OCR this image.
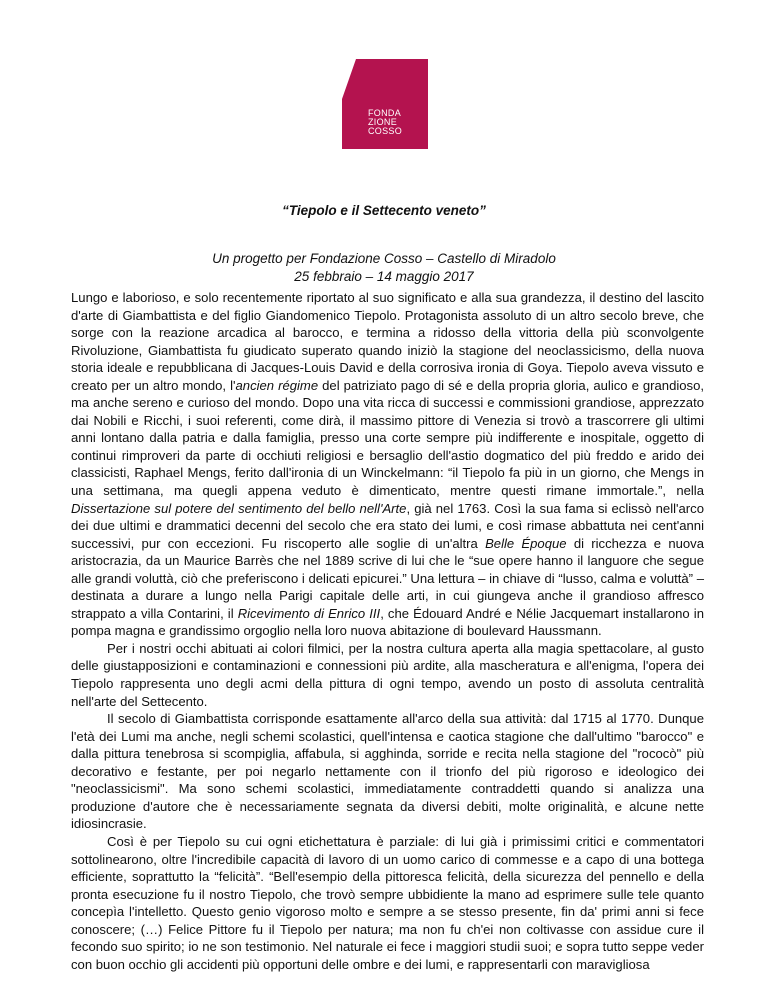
FONDA
ZIONE
COSSO
“Tiepolo e il Settecento veneto”
Un progetto per Fondazione Cosso – Castello di Miradolo
25 febbraio – 14 maggio 2017

Lungo e laborioso, e solo recentemente riportato al suo significato e alla sua grandezza, il destino del lascito d'arte di Giambattista e del figlio Giandomenico Tiepolo. Protagonista assoluto di un altro secolo breve, che sorge con la reazione arcadica al barocco, e termina a ridosso della vittoria della più sconvolgente Rivoluzione, Giambattista fu giudicato superato quando iniziò la stagione del neoclassicismo, della nuova storia ideale e repubblicana di Jacques-Louis David e della corrosiva ironia di Goya. Tiepolo aveva vissuto e creato per un altro mondo, l'ancien régime del patriziato pago di sé e della propria gloria, aulico e grandioso, ma anche sereno e curioso del mondo. Dopo una vita ricca di successi e commissioni grandiose, apprezzato dai Nobili e Ricchi, i suoi referenti, come dirà, il massimo pittore di Venezia si trovò a trascorrere gli ultimi anni lontano dalla patria e dalla famiglia, presso una corte sempre più indifferente e inospitale, oggetto di continui rimproveri da parte di occhiuti religiosi e bersaglio dell'astio dogmatico del più freddo e arido dei classicisti, Raphael Mengs, ferito dall'ironia di un Winckelmann: “il Tiepolo fa più in un giorno, che Mengs in una settimana, ma quegli appena veduto è dimenticato, mentre questi rimane immortale.”, nella Dissertazione sul potere del sentimento del bello nell'Arte, già nel 1763. Così la sua fama si eclissò nell'arco dei due ultimi e drammatici decenni del secolo che era stato dei lumi, e così rimase abbattuta nei cent'anni successivi, pur con eccezioni. Fu riscoperto alle soglie di un'altra Belle Époque di ricchezza e nuova aristocrazia, da un Maurice Barrès che nel 1889 scrive di lui che le “sue opere hanno il languore che segue alle grandi voluttà, ciò che preferiscono i delicati epicurei.” Una lettura – in chiave di “lusso, calma e voluttà” – destinata a durare a lungo nella Parigi capitale delle arti, in cui giungeva anche il grandioso affresco strappato a villa Contarini, il Ricevimento di Enrico III, che Édouard André e Nélie Jacquemart installarono in pompa magna e grandissimo orgoglio nella loro nuova abitazione di boulevard Haussmann.

Per i nostri occhi abituati ai colori filmici, per la nostra cultura aperta alla magia spettacolare, al gusto delle giustapposizioni e contaminazioni e connessioni più ardite, alla mascheratura e all'enigma, l'opera dei Tiepolo rappresenta uno degli acmi della pittura di ogni tempo, avendo un posto di assoluta centralità nell'arte del Settecento.

Il secolo di Giambattista corrisponde esattamente all'arco della sua attività: dal 1715 al 1770. Dunque l'età dei Lumi ma anche, negli schemi scolastici, quell'intensa e caotica stagione che dall'ultimo "barocco" e dalla pittura tenebrosa si scompiglia, affabula, si agghinda, sorride e recita nella stagione del "rococò" più decorativo e festante, per poi negarlo nettamente con il trionfo del più rigoroso e ideologico dei "neoclassicismi". Ma sono schemi scolastici, immediatamente contraddetti quando si analizza una produzione d'autore che è necessariamente segnata da diversi debiti, molte originalità, e alcune nette idiosincrasie.

Così è per Tiepolo su cui ogni etichettatura è parziale: di lui già i primissimi critici e commentatori sottolinearono, oltre l'incredibile capacità di lavoro di un uomo carico di commesse e a capo di una bottega efficiente, soprattutto la “felicità”. “Bell'esempio della pittoresca felicità, della sicurezza del pennello e della pronta esecuzione fu il nostro Tiepolo, che trovò sempre ubbidiente la mano ad esprimere sulle tele quanto concepìa l'intelletto. Questo genio vigoroso molto e sempre a se stesso presente, fin da' primi anni si fece conoscere; (…) Felice Pittore fu il Tiepolo per natura; ma non fu ch'ei non coltivasse con assidue cure il fecondo suo spirito; io ne son testimonio. Nel naturale ei fece i maggiori studii suoi; e sopra tutto seppe veder con buon occhio gli accidenti più opportuni delle ombre e dei lumi, e rappresentarli con maravigliosa
